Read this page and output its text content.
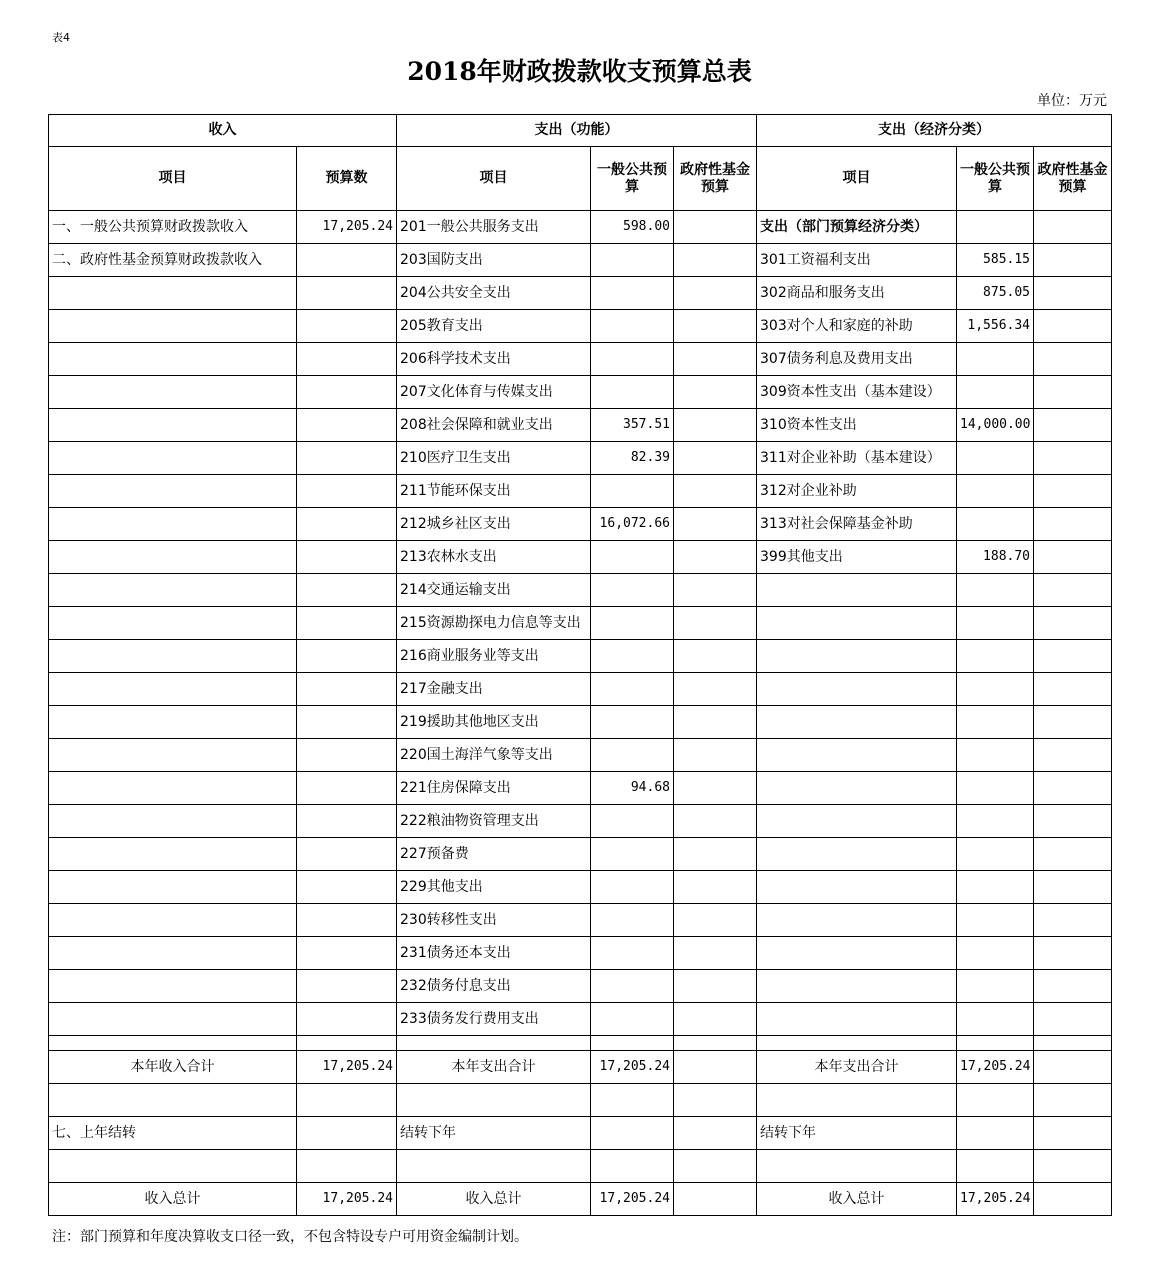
表4
2018年财政拨款收支预算总表
单位：万元
收入		支出（功能）			支出（经济分类）		
项目	预算数	项目	一般公共预算	政府性基金预算	项目	一般公共预算	政府性基金预算
一、一般公共预算财政拨款收入	17,205.24	201一般公共服务支出	598.00		支出（部门预算经济分类）		
二、政府性基金预算财政拨款收入		203国防支出			301工资福利支出	585.15	
		204公共安全支出			302商品和服务支出	875.05	
		205教育支出			303对个人和家庭的补助	1,556.34	
		206科学技术支出			307债务利息及费用支出		
		207文化体育与传媒支出			309资本性支出（基本建设）		
		208社会保障和就业支出	357.51		310资本性支出	14,000.00	
		210医疗卫生支出	82.39		311对企业补助（基本建设）		
		211节能环保支出			312对企业补助		
		212城乡社区支出	16,072.66		313对社会保障基金补助		
		213农林水支出			399其他支出	188.70	
		214交通运输支出					
		215资源勘探电力信息等支出					
		216商业服务业等支出					
		217金融支出					
		219援助其他地区支出					
		220国土海洋气象等支出					
		221住房保障支出	94.68				
		222粮油物资管理支出					
		227预备费					
		229其他支出					
		230转移性支出					
		231债务还本支出					
		232债务付息支出					
		233债务发行费用支出					

本年收入合计	17,205.24	本年支出合计	17,205.24		本年支出合计	17,205.24	

七、上年结转		结转下年			结转下年		

收入总计	17,205.24	收入总计	17,205.24		收入总计	17,205.24	
注：部门预算和年度决算收支口径一致，不包含特设专户可用资金编制计划。
